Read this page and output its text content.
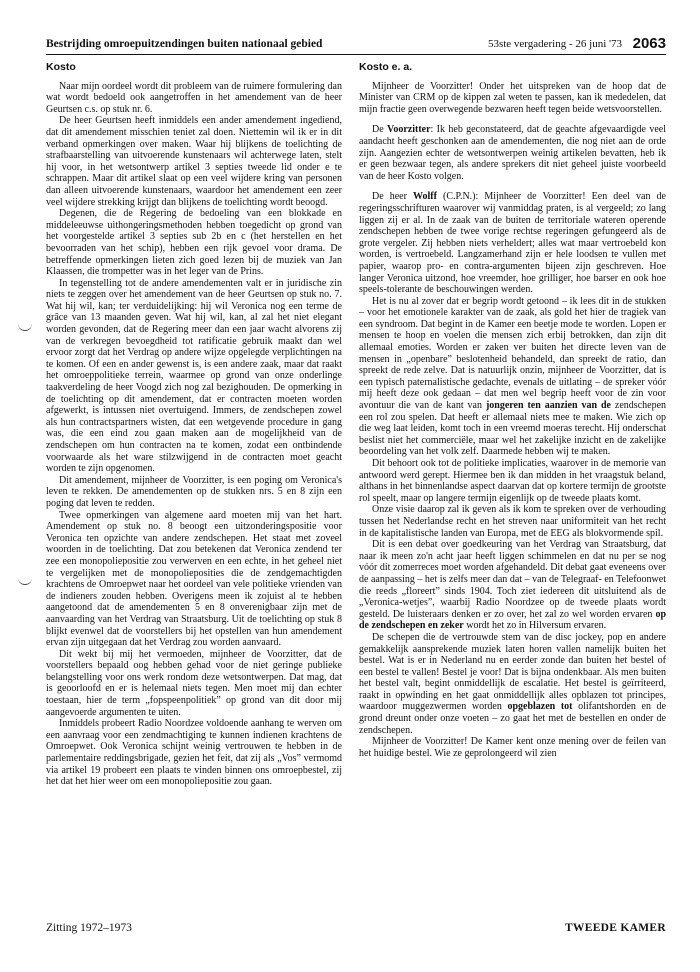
Bestrijding omroepuitzendingen buiten nationaal gebied	53ste vergadering - 26 juni '73 2063
Kosto

Naar mijn oordeel wordt dit probleem van de ruimere formulering dan wat wordt bedoeld ook aangetroffen in het amendement van de heer Geurtsen c.s. op stuk nr. 6.

De heer Geurtsen heeft inmiddels een ander amendement ingediend, dat dit amendement misschien teniet zal doen. Niettemin wil ik er in dit verband opmerkingen over maken. Waar hij blijkens de toelichting de strafbaarstelling van uitvoerende kunstenaars wil achterwege laten, stelt hij voor, in het wetsontwerp artikel 3 septies tweede lid onder e te schrappen. Maar dit artikel slaat op een veel wijdere kring van personen dan alleen uitvoerende kunstenaars, waardoor het amendement een zeer veel wijdere strekking krijgt dan blijkens de toelichting wordt beoogd.

Degenen, die de Regering de bedoeling van een blokkade en middeleeuwse uithongeringsmethoden hebben toegedicht op grond van het voorgestelde artikel 3 septies sub 2b en c (het herstellen en het bevoorraden van het schip), hebben een rijk gevoel voor drama. De betreffende opmerkingen lieten zich goed lezen bij de muziek van Jan Klaassen, die trompetter was in het leger van de Prins.

In tegenstelling tot de andere amendementen valt er in juridische zin niets te zeggen over het amendement van de heer Geurtsen op stuk no. 7. Wat hij wil, kan; ter verduidelijking: hij wil Veronica nog een terme de grâce van 13 maanden geven. Wat hij wil, kan, al zal het niet elegant worden gevonden, dat de Regering meer dan een jaar wacht alvorens zij van de verkregen bevoegdheid tot ratificatie gebruik maakt dan wel ervoor zorgt dat het Verdrag op andere wijze opgelegde verplichtingen na te komen. Of een en ander gewenst is, is een andere zaak, maar dat raakt het omroeppolitieke terrein, waarmee op grond van onze onderlinge taakverdeling de heer Voogd zich nog zal bezighouden. De opmerking in de toelichting op dit amendement, dat er contracten moeten worden afgewerkt, is intussen niet overtuigend. Immers, de zendschepen zowel als hun contractspartners wisten, dat een wetgevende procedure in gang was, die een eind zou gaan maken aan de mogelijkheid van de zendschepen om hun contracten na te komen, zodat een ontbindende voorwaarde als het ware stilzwijgend in de contracten moet geacht worden te zijn opgenomen.

Dit amendement, mijnheer de Voorzitter, is een poging om Veronica's leven te rekken. De amendementen op de stukken nrs. 5 en 8 zijn een poging dat leven te redden.

Twee opmerkingen van algemene aard moeten mij van het hart. Amendement op stuk no. 8 beoogt een uitzonderingspositie voor Veronica ten opzichte van andere zendschepen. Het staat met zoveel woorden in de toelichting. Dat zou betekenen dat Veronica zendend ter zee een monopoliepositie zou verwerven en een echte, in het geheel niet te vergelijken met de monopolieposities die de zendgemachtigden krachtens de Omroepwet naar het oordeel van vele politieke vrienden van de indieners zouden hebben. Overigens meen ik zojuist al te hebben aangetoond dat de amendementen 5 en 8 onverenigbaar zijn met de aanvaarding van het Verdrag van Straatsburg. Uit de toelichting op stuk 8 blijkt evenwel dat de voorstellers bij het opstellen van hun amendement ervan zijn uitgegaan dat het Verdrag zou worden aanvaard.

Dit wekt bij mij het vermoeden, mijnheer de Voorzitter, dat de voorstellers bepaald oog hebben gehad voor de niet geringe publieke belangstelling voor ons werk rondom deze wetsontwerpen. Dat mag, dat is geoorloofd en er is helemaal niets tegen. Men moet mij dan echter toestaan, hier de term „fopspeenpolitiek” op grond van dit door mij aangevoerde argumenten te uiten.

Inmiddels probeert Radio Noordzee voldoende aanhang te werven om een aanvraag voor een zendmachtiging te kunnen indienen krachtens de Omroepwet. Ook Veronica schijnt weinig vertrouwen te hebben in de parlementaire reddingsbrigade, gezien het feit, dat zij als „Vos” vermomd via artikel 19 probeert een plaats te vinden binnen ons omroepbestel, zij het dat het hier weer om een monopoliepositie zou gaan.

Kosto e. a.

Mijnheer de Voorzitter! Onder het uitspreken van de hoop dat de Minister van CRM op de kippen zal weten te passen, kan ik mededelen, dat mijn fractie geen overwegende bezwaren heeft tegen beide wetsvoorstellen.

De Voorzitter: Ik heb geconstateerd, dat de geachte afgevaardigde veel aandacht heeft geschonken aan de amendementen, die nog niet aan de orde zijn. Aangezien echter de wetsontwerpen weinig artikelen bevatten, heb ik er geen bezwaar tegen, als andere sprekers dit niet geheel juiste voorbeeld van de heer Kosto volgen.

De heer Wolff (C.P.N.): Mijnheer de Voorzitter! Een deel van de regeringsschrifturen waarover wij vanmiddag praten, is al vergeeld; zo lang liggen zij er al. In de zaak van de buiten de territoriale wateren operende zendschepen hebben de twee vorige rechtse regeringen gefungeerd als de grote vergeler. Zij hebben niets verheldert; alles wat maar vertroebeld kon worden, is vertroebeld. Langzamerhand zijn er hele loodsen te vullen met papier, waarop pro- en contra-argumenten bijeen zijn geschreven. Hoe langer Veronica uitzond, hoe vreemder, hoe grilliger, hoe barser en ook hoe speels-tolerante de beschouwingen werden.

Het is nu al zover dat er begrip wordt getoond – ik lees dit in de stukken – voor het emotionele karakter van de zaak, als gold het hier de tragiek van een syndroom. Dat begint in de Kamer een beetje mode te worden. Lopen er mensen te hoop en voelen die mensen zich erbij betrokken, dan zijn dit allemaal emoties. Worden er zaken ver buiten het directe leven van de mensen in „openbare” beslotenheid behandeld, dan spreekt de ratio, dan spreekt de rede zelve. Dat is natuurlijk onzin, mijnheer de Voorzitter, dat is een typisch paternalistische gedachte, evenals de uitlating – de spreker vóór mij heeft deze ook gedaan – dat men wel begrip heeft voor de zin voor avontuur die van de kant van jongeren ten aanzien van de zendschepen een rol zou spelen. Dat heeft er allemaal niets mee te maken. Wie zich op die weg laat leiden, komt toch in een vreemd moeras terecht. Hij onderschat beslist niet het commerciële, maar wel het zakelijke inzicht en de zakelijke beoordeling van het volk zelf. Daarmede hebben wij te maken.

Dit behoort ook tot de politieke implicaties, waarover in de memorie van antwoord werd gerept. Hiermee ben ik dan midden in het vraagstuk beland, althans in het binnenlandse aspect daarvan dat op kortere termijn de grootste rol speelt, maar op langere termijn eigenlijk op de tweede plaats komt.

Onze visie daarop zal ik geven als ik kom te spreken over de verhouding tussen het Nederlandse recht en het streven naar uniformiteit van het recht in de kapitalistische landen van Europa, met de EEG als blokvormende spil.

Dit is een debat over goedkeuring van het Verdrag van Straatsburg, dat naar ik meen zo'n acht jaar heeft liggen schimmelen en dat nu per se nog vóór dit zomerreces moet worden afgehandeld. Dit debat gaat eveneens over de aanpassing – het is zelfs meer dan dat – van de Telegraaf- en Telefoonwet die reeds „floreert” sinds 1904. Toch ziet iedereen dit uitsluitend als de „Veronica-wetjes”, waarbij Radio Noordzee op de tweede plaats wordt gesteld. De luisteraars denken er zo over, het zal zo wel worden ervaren op de zendschepen en zeker wordt het zo in Hilversum ervaren.

De schepen die de vertrouwde stem van de disc jockey, pop en andere gemakkelijk aansprekende muziek laten horen vallen namelijk buiten het bestel. Wat is er in Nederland nu en eerder zonde dan buiten het bestel of een bestel te vallen! Bestel je voor! Dat is bijna ondenkbaar. Als men buiten het bestel valt, begint onmiddellijk de escalatie. Het bestel is geïrriteerd, raakt in opwinding en het gaat onmiddellijk alles opblazen tot principes, waardoor muggezwermen worden opgeblazen tot olifantshorden en de grond dreunt onder onze voeten – zo gaat het met de bestellen en onder de zendschepen.

Mijnheer de Voorzitter! De Kamer kent onze mening over de feilen van het huidige bestel. Wie ze geprolongeerd wil zien

Zitting 1972–1973	TWEEDE KAMER
